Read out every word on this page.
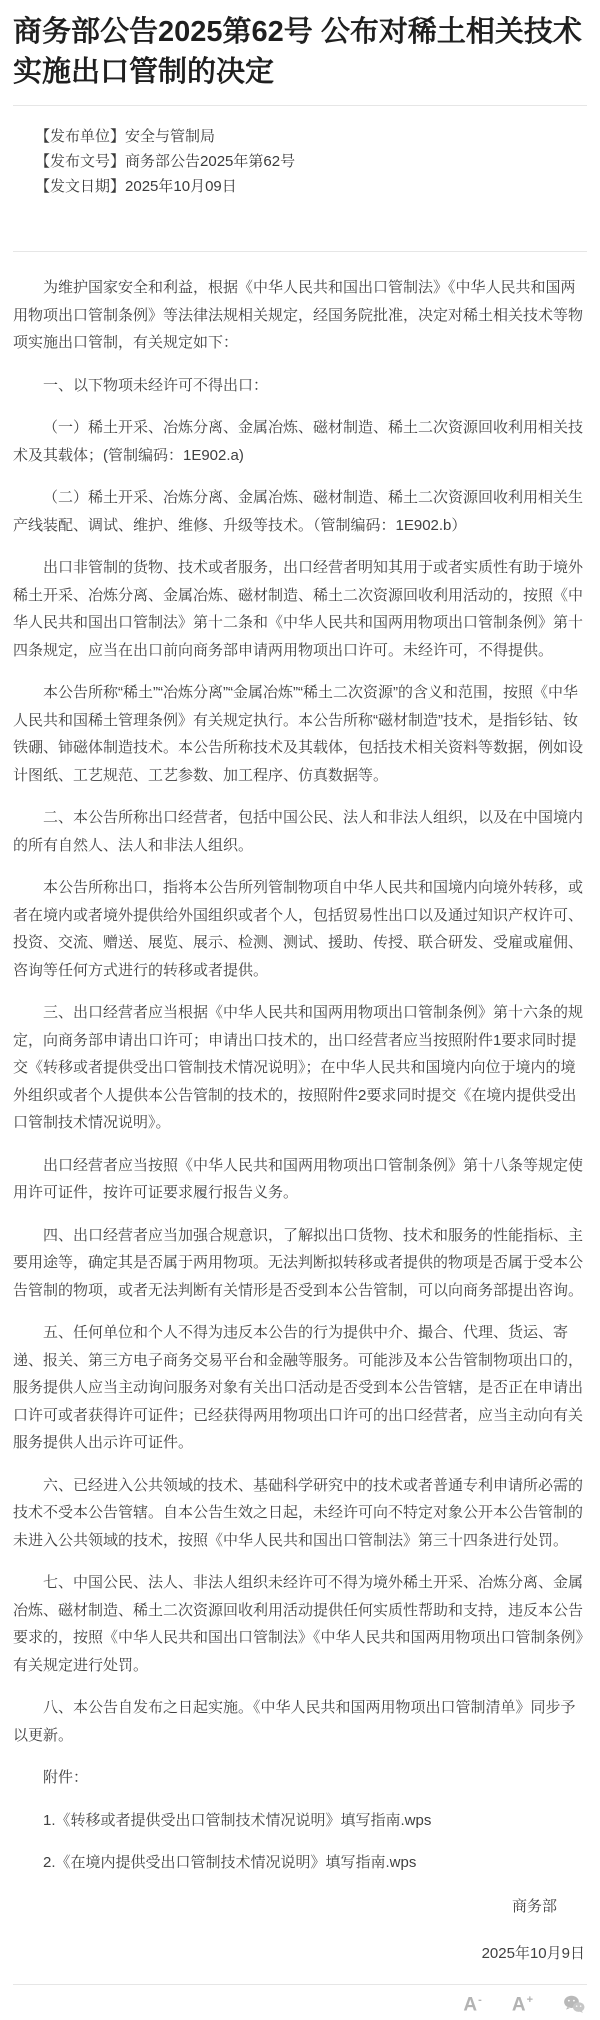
商务部公告2025第62号 公布对稀土相关技术实施出口管制的决定
【发布单位】安全与管制局
【发布文号】商务部公告2025年第62号
【发文日期】2025年10月09日

为维护国家安全和利益，根据《中华人民共和国出口管制法》《中华人民共和国两用物项出口管制条例》等法律法规相关规定，经国务院批准，决定对稀土相关技术等物项实施出口管制，有关规定如下：

一、以下物项未经许可不得出口：

（一）稀土开采、冶炼分离、金属冶炼、磁材制造、稀土二次资源回收利用相关技术及其载体；(管制编码：1E902.a)

（二）稀土开采、冶炼分离、金属冶炼、磁材制造、稀土二次资源回收利用相关生产线装配、调试、维护、维修、升级等技术。（管制编码：1E902.b）

出口非管制的货物、技术或者服务，出口经营者明知其用于或者实质性有助于境外稀土开采、冶炼分离、金属冶炼、磁材制造、稀土二次资源回收利用活动的，按照《中华人民共和国出口管制法》第十二条和《中华人民共和国两用物项出口管制条例》第十四条规定，应当在出口前向商务部申请两用物项出口许可。未经许可，不得提供。

本公告所称“稀土”“冶炼分离”“金属冶炼”“稀土二次资源”的含义和范围，按照《中华人民共和国稀土管理条例》有关规定执行。本公告所称“磁材制造”技术，是指钐钴、钕铁硼、铈磁体制造技术。本公告所称技术及其载体，包括技术相关资料等数据，例如设计图纸、工艺规范、工艺参数、加工程序、仿真数据等。

二、本公告所称出口经营者，包括中国公民、法人和非法人组织，以及在中国境内的所有自然人、法人和非法人组织。

本公告所称出口，指将本公告所列管制物项自中华人民共和国境内向境外转移，或者在境内或者境外提供给外国组织或者个人，包括贸易性出口以及通过知识产权许可、投资、交流、赠送、展览、展示、检测、测试、援助、传授、联合研发、受雇或雇佣、咨询等任何方式进行的转移或者提供。

三、出口经营者应当根据《中华人民共和国两用物项出口管制条例》第十六条的规定，向商务部申请出口许可；申请出口技术的，出口经营者应当按照附件1要求同时提交《转移或者提供受出口管制技术情况说明》；在中华人民共和国境内向位于境内的境外组织或者个人提供本公告管制的技术的，按照附件2要求同时提交《在境内提供受出口管制技术情况说明》。

出口经营者应当按照《中华人民共和国两用物项出口管制条例》第十八条等规定使用许可证件，按许可证要求履行报告义务。

四、出口经营者应当加强合规意识，了解拟出口货物、技术和服务的性能指标、主要用途等，确定其是否属于两用物项。无法判断拟转移或者提供的物项是否属于受本公告管制的物项，或者无法判断有关情形是否受到本公告管制，可以向商务部提出咨询。

五、任何单位和个人不得为违反本公告的行为提供中介、撮合、代理、货运、寄递、报关、第三方电子商务交易平台和金融等服务。可能涉及本公告管制物项出口的，服务提供人应当主动询问服务对象有关出口活动是否受到本公告管辖，是否正在申请出口许可或者获得许可证件；已经获得两用物项出口许可的出口经营者，应当主动向有关服务提供人出示许可证件。

六、已经进入公共领域的技术、基础科学研究中的技术或者普通专利申请所必需的技术不受本公告管辖。自本公告生效之日起，未经许可向不特定对象公开本公告管制的未进入公共领域的技术，按照《中华人民共和国出口管制法》第三十四条进行处罚。

七、中国公民、法人、非法人组织未经许可不得为境外稀土开采、冶炼分离、金属冶炼、磁材制造、稀土二次资源回收利用活动提供任何实质性帮助和支持，违反本公告要求的，按照《中华人民共和国出口管制法》《中华人民共和国两用物项出口管制条例》有关规定进行处罚。

八、本公告自发布之日起实施。《中华人民共和国两用物项出口管制清单》同步予以更新。

附件：

1.《转移或者提供受出口管制技术情况说明》填写指南.wps

2.《在境内提供受出口管制技术情况说明》填写指南.wps

商务部
2025年10月9日
A- A+
